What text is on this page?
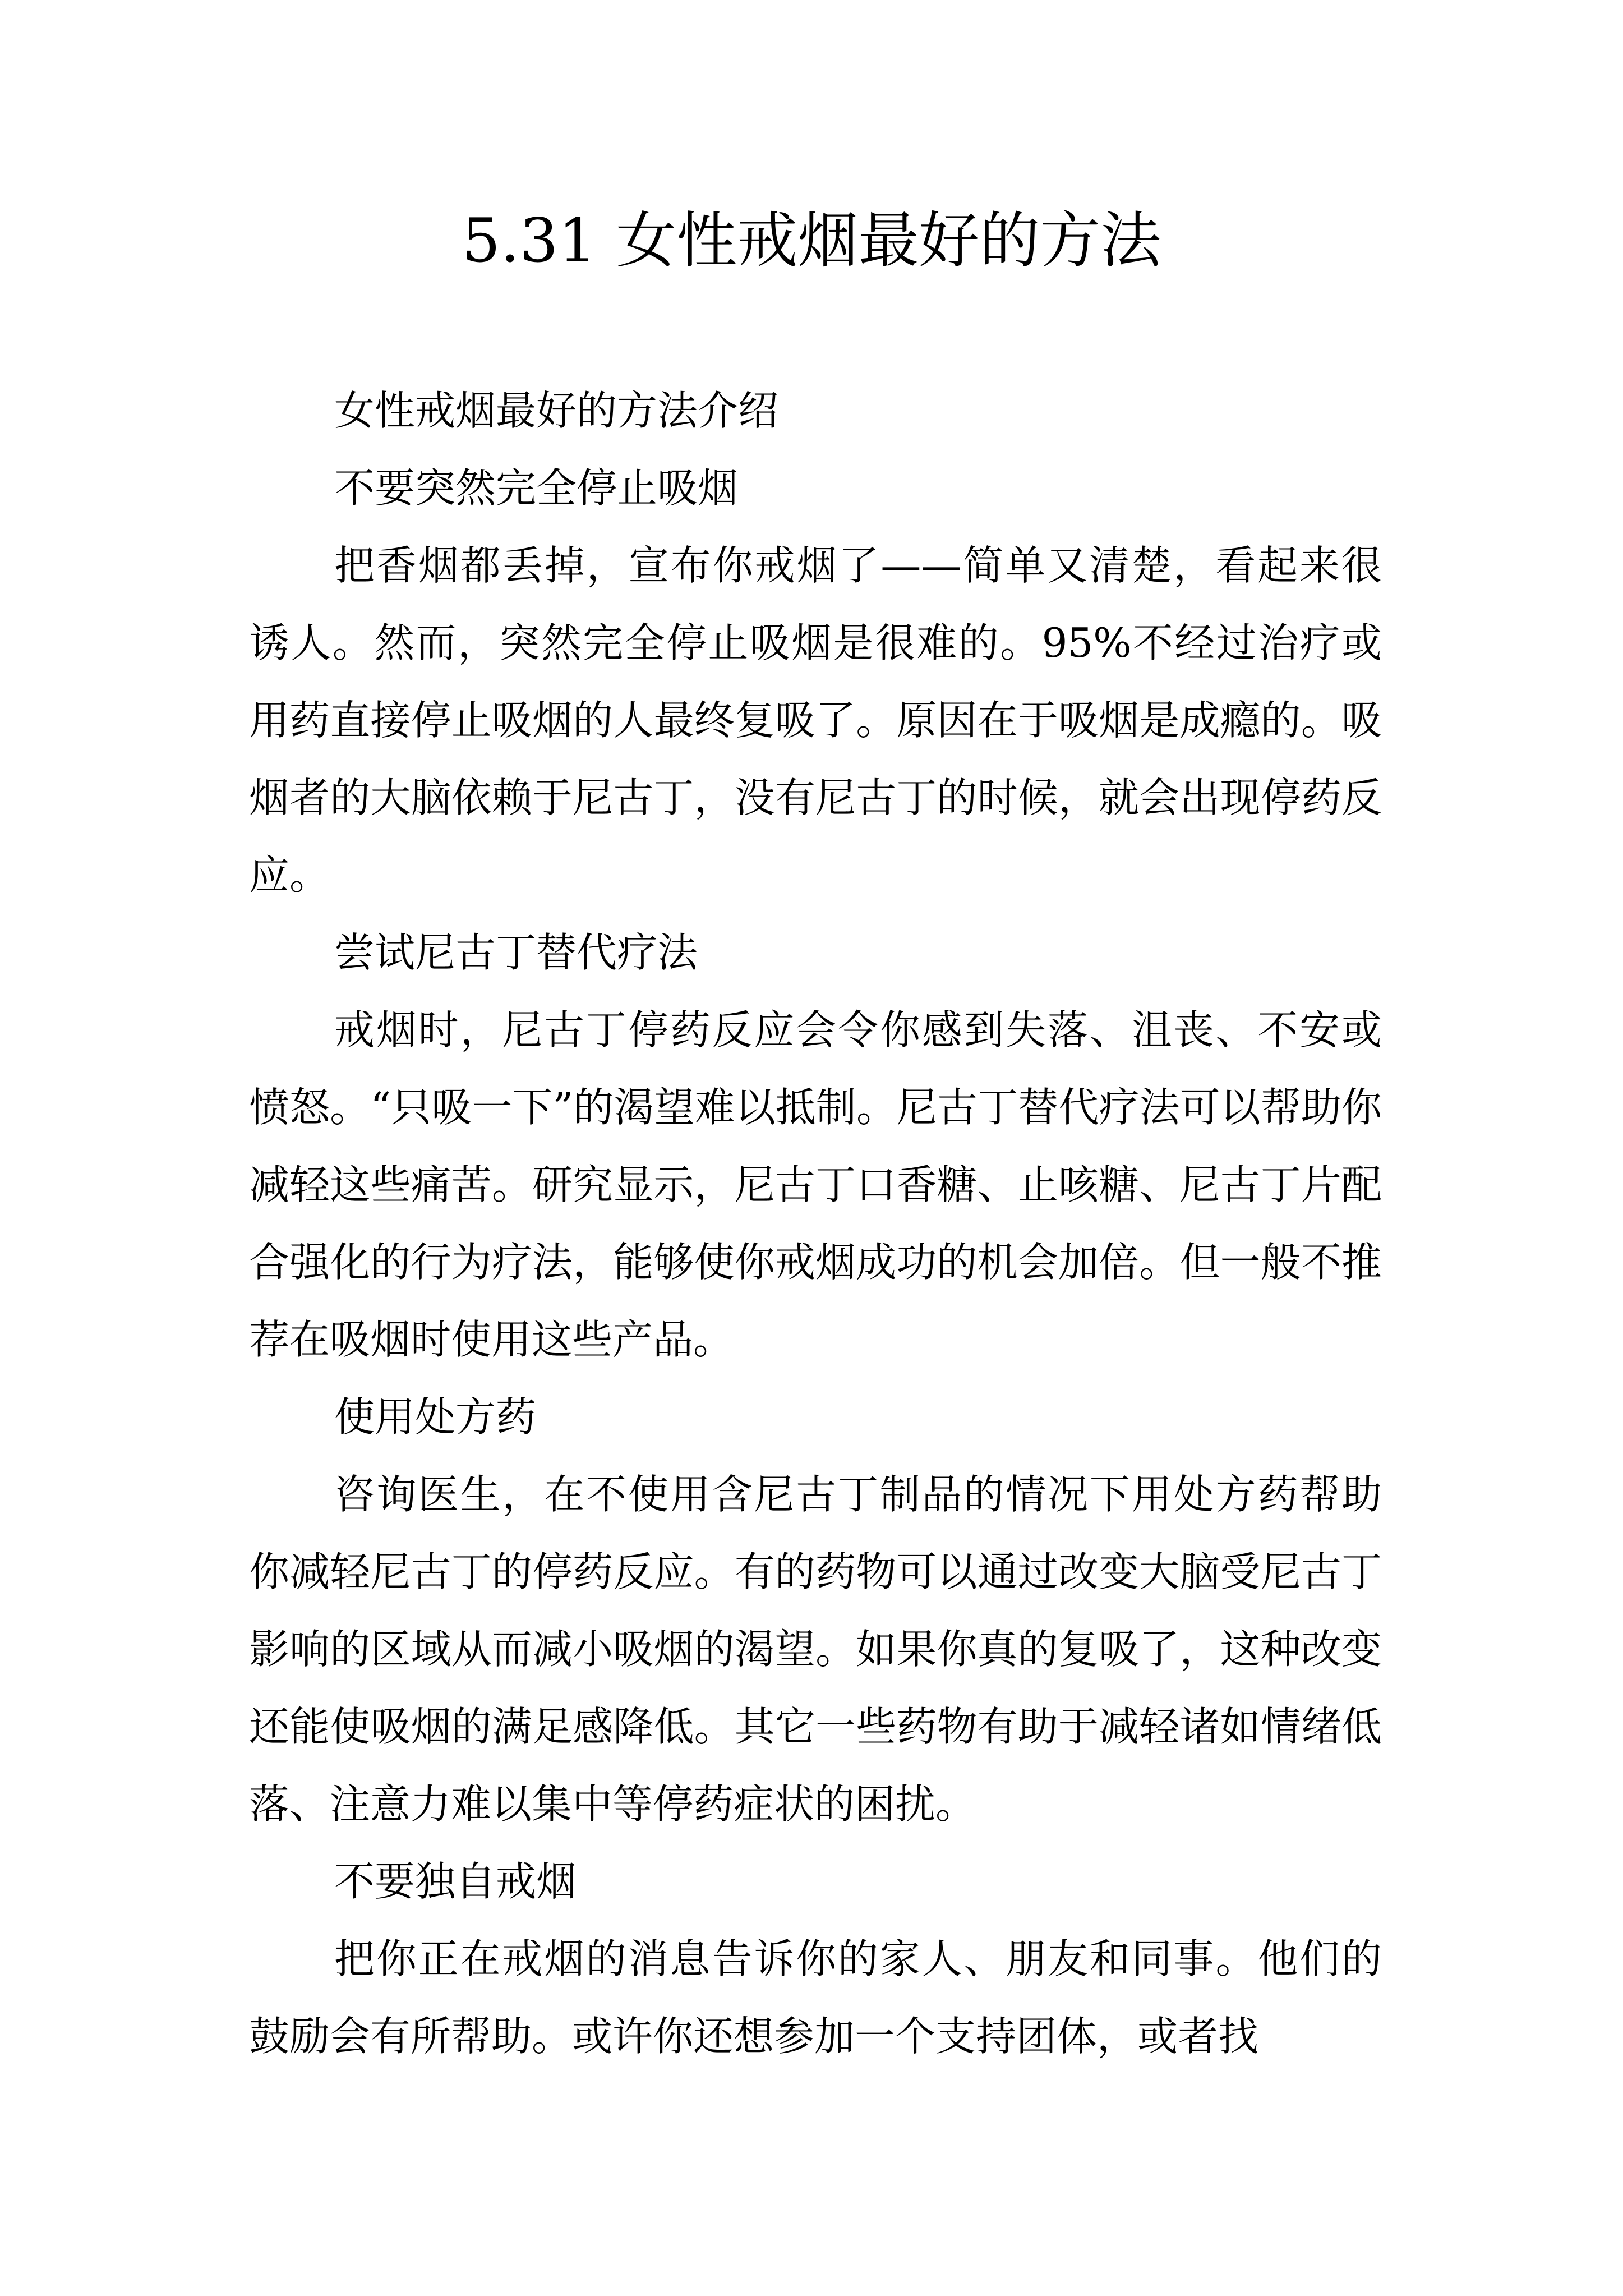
5.31 女性戒烟最好的方法

女性戒烟最好的方法介绍

不要突然完全停止吸烟

把香烟都丢掉，宣布你戒烟了——简单又清楚，看起来很诱人。然而，突然完全停止吸烟是很难的。95%不经过治疗或用药直接停止吸烟的人最终复吸了。原因在于吸烟是成瘾的。吸烟者的大脑依赖于尼古丁，没有尼古丁的时候，就会出现停药反应。

尝试尼古丁替代疗法

戒烟时，尼古丁停药反应会令你感到失落、沮丧、不安或愤怒。“只吸一下”的渴望难以抵制。尼古丁替代疗法可以帮助你减轻这些痛苦。研究显示，尼古丁口香糖、止咳糖、尼古丁片配合强化的行为疗法，能够使你戒烟成功的机会加倍。但一般不推荐在吸烟时使用这些产品。

使用处方药

咨询医生，在不使用含尼古丁制品的情况下用处方药帮助你减轻尼古丁的停药反应。有的药物可以通过改变大脑受尼古丁影响的区域从而减小吸烟的渴望。如果你真的复吸了，这种改变还能使吸烟的满足感降低。其它一些药物有助于减轻诸如情绪低落、注意力难以集中等停药症状的困扰。

不要独自戒烟

把你正在戒烟的消息告诉你的家人、朋友和同事。他们的鼓励会有所帮助。或许你还想参加一个支持团体，或者找
